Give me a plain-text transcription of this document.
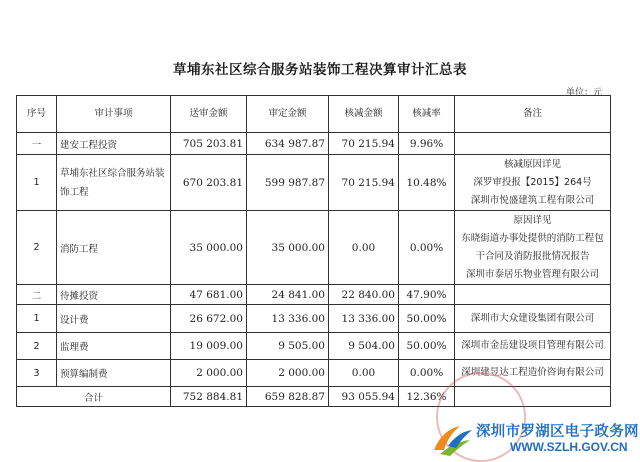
草埔东社区综合服务站装饰工程决算审计汇总表
单位：元
序号	审计事项	送审金额	审定金额	核减金额	核减率	备注
一	建安工程投资	705 203.81	634 987.87	70 215.94	9.96%	
1	草埔东社区综合服务站装饰工程	670 203.81	599 987.87	70 215.94	10.48%	核减原因详见
深罗审投报【2015】264号
深圳市悦盛建筑工程有限公司

2	消防工程	35 000.00	35 000.00	0.00	0.00%	原因详见
东晓街道办事处提供的消防工程包
干合同及消防报批情况报告
深圳市泰居乐物业管理有限公司

二	待摊投资	47 681.00	24 841.00	22 840.00	47.90%	
1	设计费	26 672.00	13 336.00	13 336.00	50.00%	深圳市大众建设集团有限公司
2	监理费	19 009.00	9 505.00	9 504.00	50.00%	深圳市金岳建设项目管理有限公司
3	预算编制费	2 000.00	2 000.00	0.00	0.00%	深圳建昱达工程造价咨询有限公司
合计		752 884.81	659 828.87	93 055.94	12.36%	
深圳市罗湖区电子政务网
WWW.SZLH.GOV.CN
